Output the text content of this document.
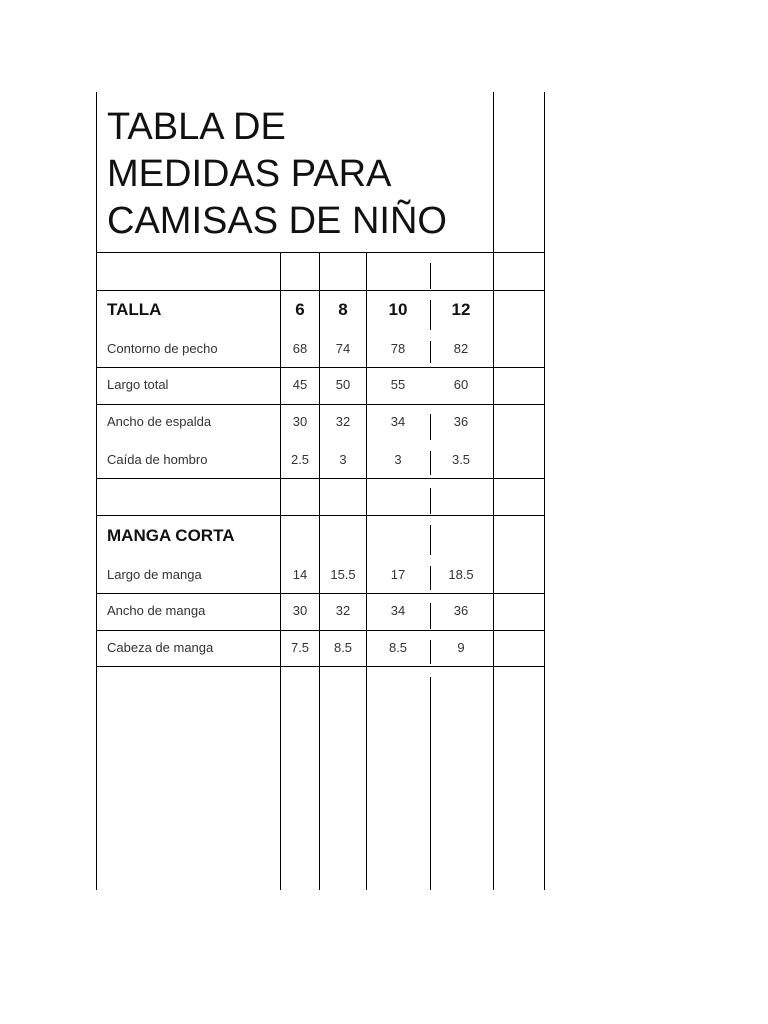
TABLA DE
MEDIDAS PARA
CAMISAS DE NIÑO
TALLA	6 8 10	12
Contorno de pecho	68 74	78	82
Largo total	45 50	55	60
Ancho de espalda	30 32	34	36
Caída de hombro	2.5 3	3	3.5
MANGA CORTA
Largo de manga	14 15.5	17	18.5
Ancho de manga	30 32	34	36
Cabeza de manga	7.5 8.5	8.5	9
